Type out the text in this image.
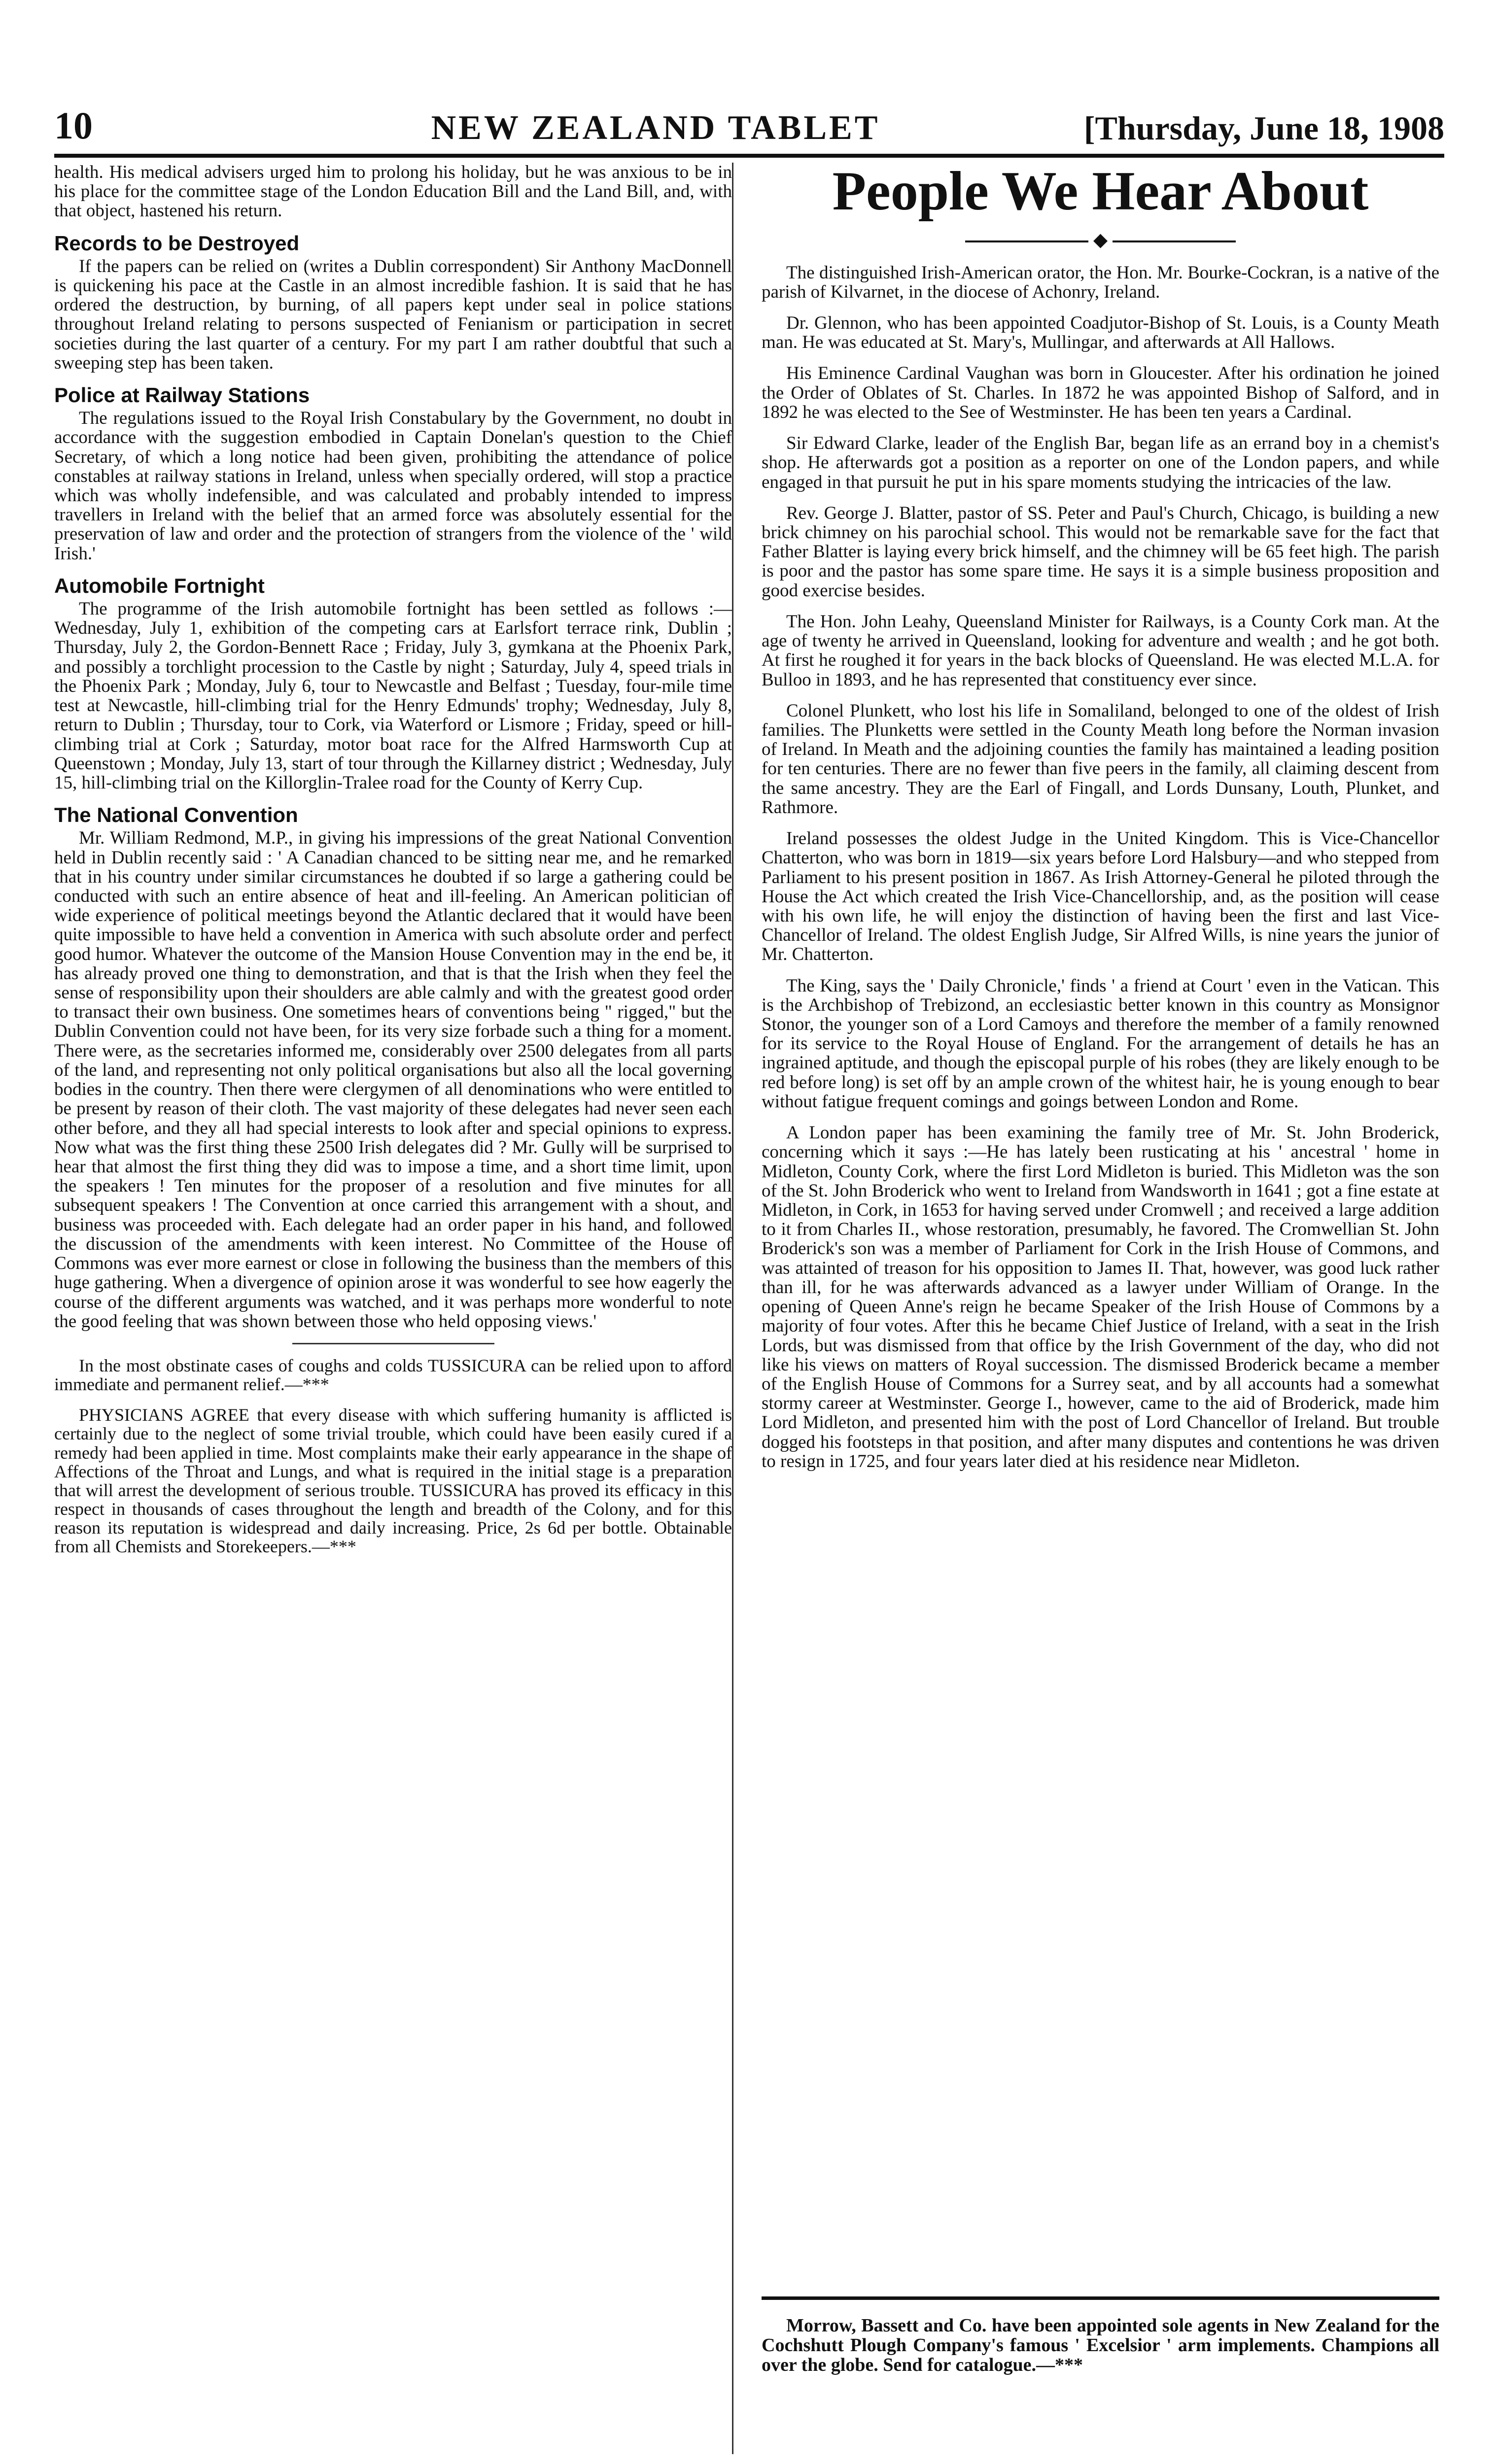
10	NEW ZEALAND TABLET	[Thursday, June 18, 1908

health. His medical advisers urged him to prolong his holiday, but he was anxious to be in his place for the committee stage of the London Education Bill and the Land Bill, and, with that object, hastened his return.

Records to be Destroyed

If the papers can be relied on (writes a Dublin correspondent) Sir Anthony MacDonnell is quickening his pace at the Castle in an almost incredible fashion. It is said that he has ordered the destruction, by burning, of all papers kept under seal in police stations throughout Ireland relating to persons suspected of Fenianism or participation in secret societies during the last quarter of a century. For my part I am rather doubtful that such a sweeping step has been taken.

Police at Railway Stations

The regulations issued to the Royal Irish Constabulary by the Government, no doubt in accordance with the suggestion embodied in Captain Donelan's question to the Chief Secretary, of which a long notice had been given, prohibiting the attendance of police constables at railway stations in Ireland, unless when specially ordered, will stop a practice which was wholly indefensible, and was calculated and probably intended to impress travellers in Ireland with the belief that an armed force was absolutely essential for the preservation of law and order and the protection of strangers from the violence of the ' wild Irish.'

Automobile Fortnight

The programme of the Irish automobile fortnight has been settled as follows :—Wednesday, July 1, exhibition of the competing cars at Earlsfort terrace rink, Dublin ; Thursday, July 2, the Gordon-Bennett Race ; Friday, July 3, gymkana at the Phoenix Park, and possibly a torchlight procession to the Castle by night ; Saturday, July 4, speed trials in the Phoenix Park ; Monday, July 6, tour to Newcastle and Belfast ; Tuesday, four-mile time test at Newcastle, hill-climbing trial for the Henry Edmunds' trophy; Wednesday, July 8, return to Dublin ; Thursday, tour to Cork, via Waterford or Lismore ; Friday, speed or hill-climbing trial at Cork ; Saturday, motor boat race for the Alfred Harmsworth Cup at Queenstown ; Monday, July 13, start of tour through the Killarney district ; Wednesday, July 15, hill-climbing trial on the Killorglin-Tralee road for the County of Kerry Cup.

The National Convention

Mr. William Redmond, M.P., in giving his impressions of the great National Convention held in Dublin recently said : ' A Canadian chanced to be sitting near me, and he remarked that in his country under similar circumstances he doubted if so large a gathering could be conducted with such an entire absence of heat and ill-feeling. An American politician of wide experience of political meetings beyond the Atlantic declared that it would have been quite impossible to have held a convention in America with such absolute order and perfect good humor. Whatever the outcome of the Mansion House Convention may in the end be, it has already proved one thing to demonstration, and that is that the Irish when they feel the sense of responsibility upon their shoulders are able calmly and with the greatest good order to transact their own business. One sometimes hears of conventions being " rigged," but the Dublin Convention could not have been, for its very size forbade such a thing for a moment. There were, as the secretaries informed me, considerably over 2500 delegates from all parts of the land, and representing not only political organisations but also all the local governing bodies in the country. Then there were clergymen of all denominations who were entitled to be present by reason of their cloth. The vast majority of these delegates had never seen each other before, and they all had special interests to look after and special opinions to express. Now what was the first thing these 2500 Irish delegates did ? Mr. Gully will be surprised to hear that almost the first thing they did was to impose a time, and a short time limit, upon the speakers ! Ten minutes for the proposer of a resolution and five minutes for all subsequent speakers ! The Convention at once carried this arrangement with a shout, and business was proceeded with. Each delegate had an order paper in his hand, and followed the discussion of the amendments with keen interest. No Committee of the House of Commons was ever more earnest or close in following the business than the members of this huge gathering. When a divergence of opinion arose it was wonderful to see how eagerly the course of the different arguments was watched, and it was perhaps more wonderful to note the good feeling that was shown between those who held opposing views.'

In the most obstinate cases of coughs and colds TUSSICURA can be relied upon to afford immediate and permanent relief.—***

PHYSICIANS AGREE that every disease with which suffering humanity is afflicted is certainly due to the neglect of some trivial trouble, which could have been easily cured if a remedy had been applied in time. Most complaints make their early appearance in the shape of Affections of the Throat and Lungs, and what is required in the initial stage is a preparation that will arrest the development of serious trouble. TUSSICURA has proved its efficacy in this respect in thousands of cases throughout the length and breadth of the Colony, and for this reason its reputation is widespread and daily increasing. Price, 2s 6d per bottle. Obtainable from all Chemists and Storekeepers.—***

People We Hear About
◆

The distinguished Irish-American orator, the Hon. Mr. Bourke-Cockran, is a native of the parish of Kilvarnet, in the diocese of Achonry, Ireland.

Dr. Glennon, who has been appointed Coadjutor-Bishop of St. Louis, is a County Meath man. He was educated at St. Mary's, Mullingar, and afterwards at All Hallows.

His Eminence Cardinal Vaughan was born in Gloucester. After his ordination he joined the Order of Oblates of St. Charles. In 1872 he was appointed Bishop of Salford, and in 1892 he was elected to the See of Westminster. He has been ten years a Cardinal.

Sir Edward Clarke, leader of the English Bar, began life as an errand boy in a chemist's shop. He afterwards got a position as a reporter on one of the London papers, and while engaged in that pursuit he put in his spare moments studying the intricacies of the law.

Rev. George J. Blatter, pastor of SS. Peter and Paul's Church, Chicago, is building a new brick chimney on his parochial school. This would not be remarkable save for the fact that Father Blatter is laying every brick himself, and the chimney will be 65 feet high. The parish is poor and the pastor has some spare time. He says it is a simple business proposition and good exercise besides.

The Hon. John Leahy, Queensland Minister for Railways, is a County Cork man. At the age of twenty he arrived in Queensland, looking for adventure and wealth ; and he got both. At first he roughed it for years in the back blocks of Queensland. He was elected M.L.A. for Bulloo in 1893, and he has represented that constituency ever since.

Colonel Plunkett, who lost his life in Somaliland, belonged to one of the oldest of Irish families. The Plunketts were settled in the County Meath long before the Norman invasion of Ireland. In Meath and the adjoining counties the family has maintained a leading position for ten centuries. There are no fewer than five peers in the family, all claiming descent from the same ancestry. They are the Earl of Fingall, and Lords Dunsany, Louth, Plunket, and Rathmore.

Ireland possesses the oldest Judge in the United Kingdom. This is Vice-Chancellor Chatterton, who was born in 1819—six years before Lord Halsbury—and who stepped from Parliament to his present position in 1867. As Irish Attorney-General he piloted through the House the Act which created the Irish Vice-Chancellorship, and, as the position will cease with his own life, he will enjoy the distinction of having been the first and last Vice-Chancellor of Ireland. The oldest English Judge, Sir Alfred Wills, is nine years the junior of Mr. Chatterton.

The King, says the ' Daily Chronicle,' finds ' a friend at Court ' even in the Vatican. This is the Archbishop of Trebizond, an ecclesiastic better known in this country as Monsignor Stonor, the younger son of a Lord Camoys and therefore the member of a family renowned for its service to the Royal House of England. For the arrangement of details he has an ingrained aptitude, and though the episcopal purple of his robes (they are likely enough to be red before long) is set off by an ample crown of the whitest hair, he is young enough to bear without fatigue frequent comings and goings between London and Rome.

A London paper has been examining the family tree of Mr. St. John Broderick, concerning which it says :—He has lately been rusticating at his ' ancestral ' home in Midleton, County Cork, where the first Lord Midleton is buried. This Midleton was the son of the St. John Broderick who went to Ireland from Wandsworth in 1641 ; got a fine estate at Midleton, in Cork, in 1653 for having served under Cromwell ; and received a large addition to it from Charles II., whose restoration, presumably, he favored. The Cromwellian St. John Broderick's son was a member of Parliament for Cork in the Irish House of Commons, and was attainted of treason for his opposition to James II. That, however, was good luck rather than ill, for he was afterwards advanced as a lawyer under William of Orange. In the opening of Queen Anne's reign he became Speaker of the Irish House of Commons by a majority of four votes. After this he became Chief Justice of Ireland, with a seat in the Irish Lords, but was dismissed from that office by the Irish Government of the day, who did not like his views on matters of Royal succession. The dismissed Broderick became a member of the English House of Commons for a Surrey seat, and by all accounts had a somewhat stormy career at Westminster. George I., however, came to the aid of Broderick, made him Lord Midleton, and presented him with the post of Lord Chancellor of Ireland. But trouble dogged his footsteps in that position, and after many disputes and contentions he was driven to resign in 1725, and four years later died at his residence near Midleton.

Morrow, Bassett and Co. have been appointed sole agents in New Zealand for the Cochshutt Plough Company's famous ' Excelsior ' arm implements. Champions all over the globe. Send for catalogue.—***
